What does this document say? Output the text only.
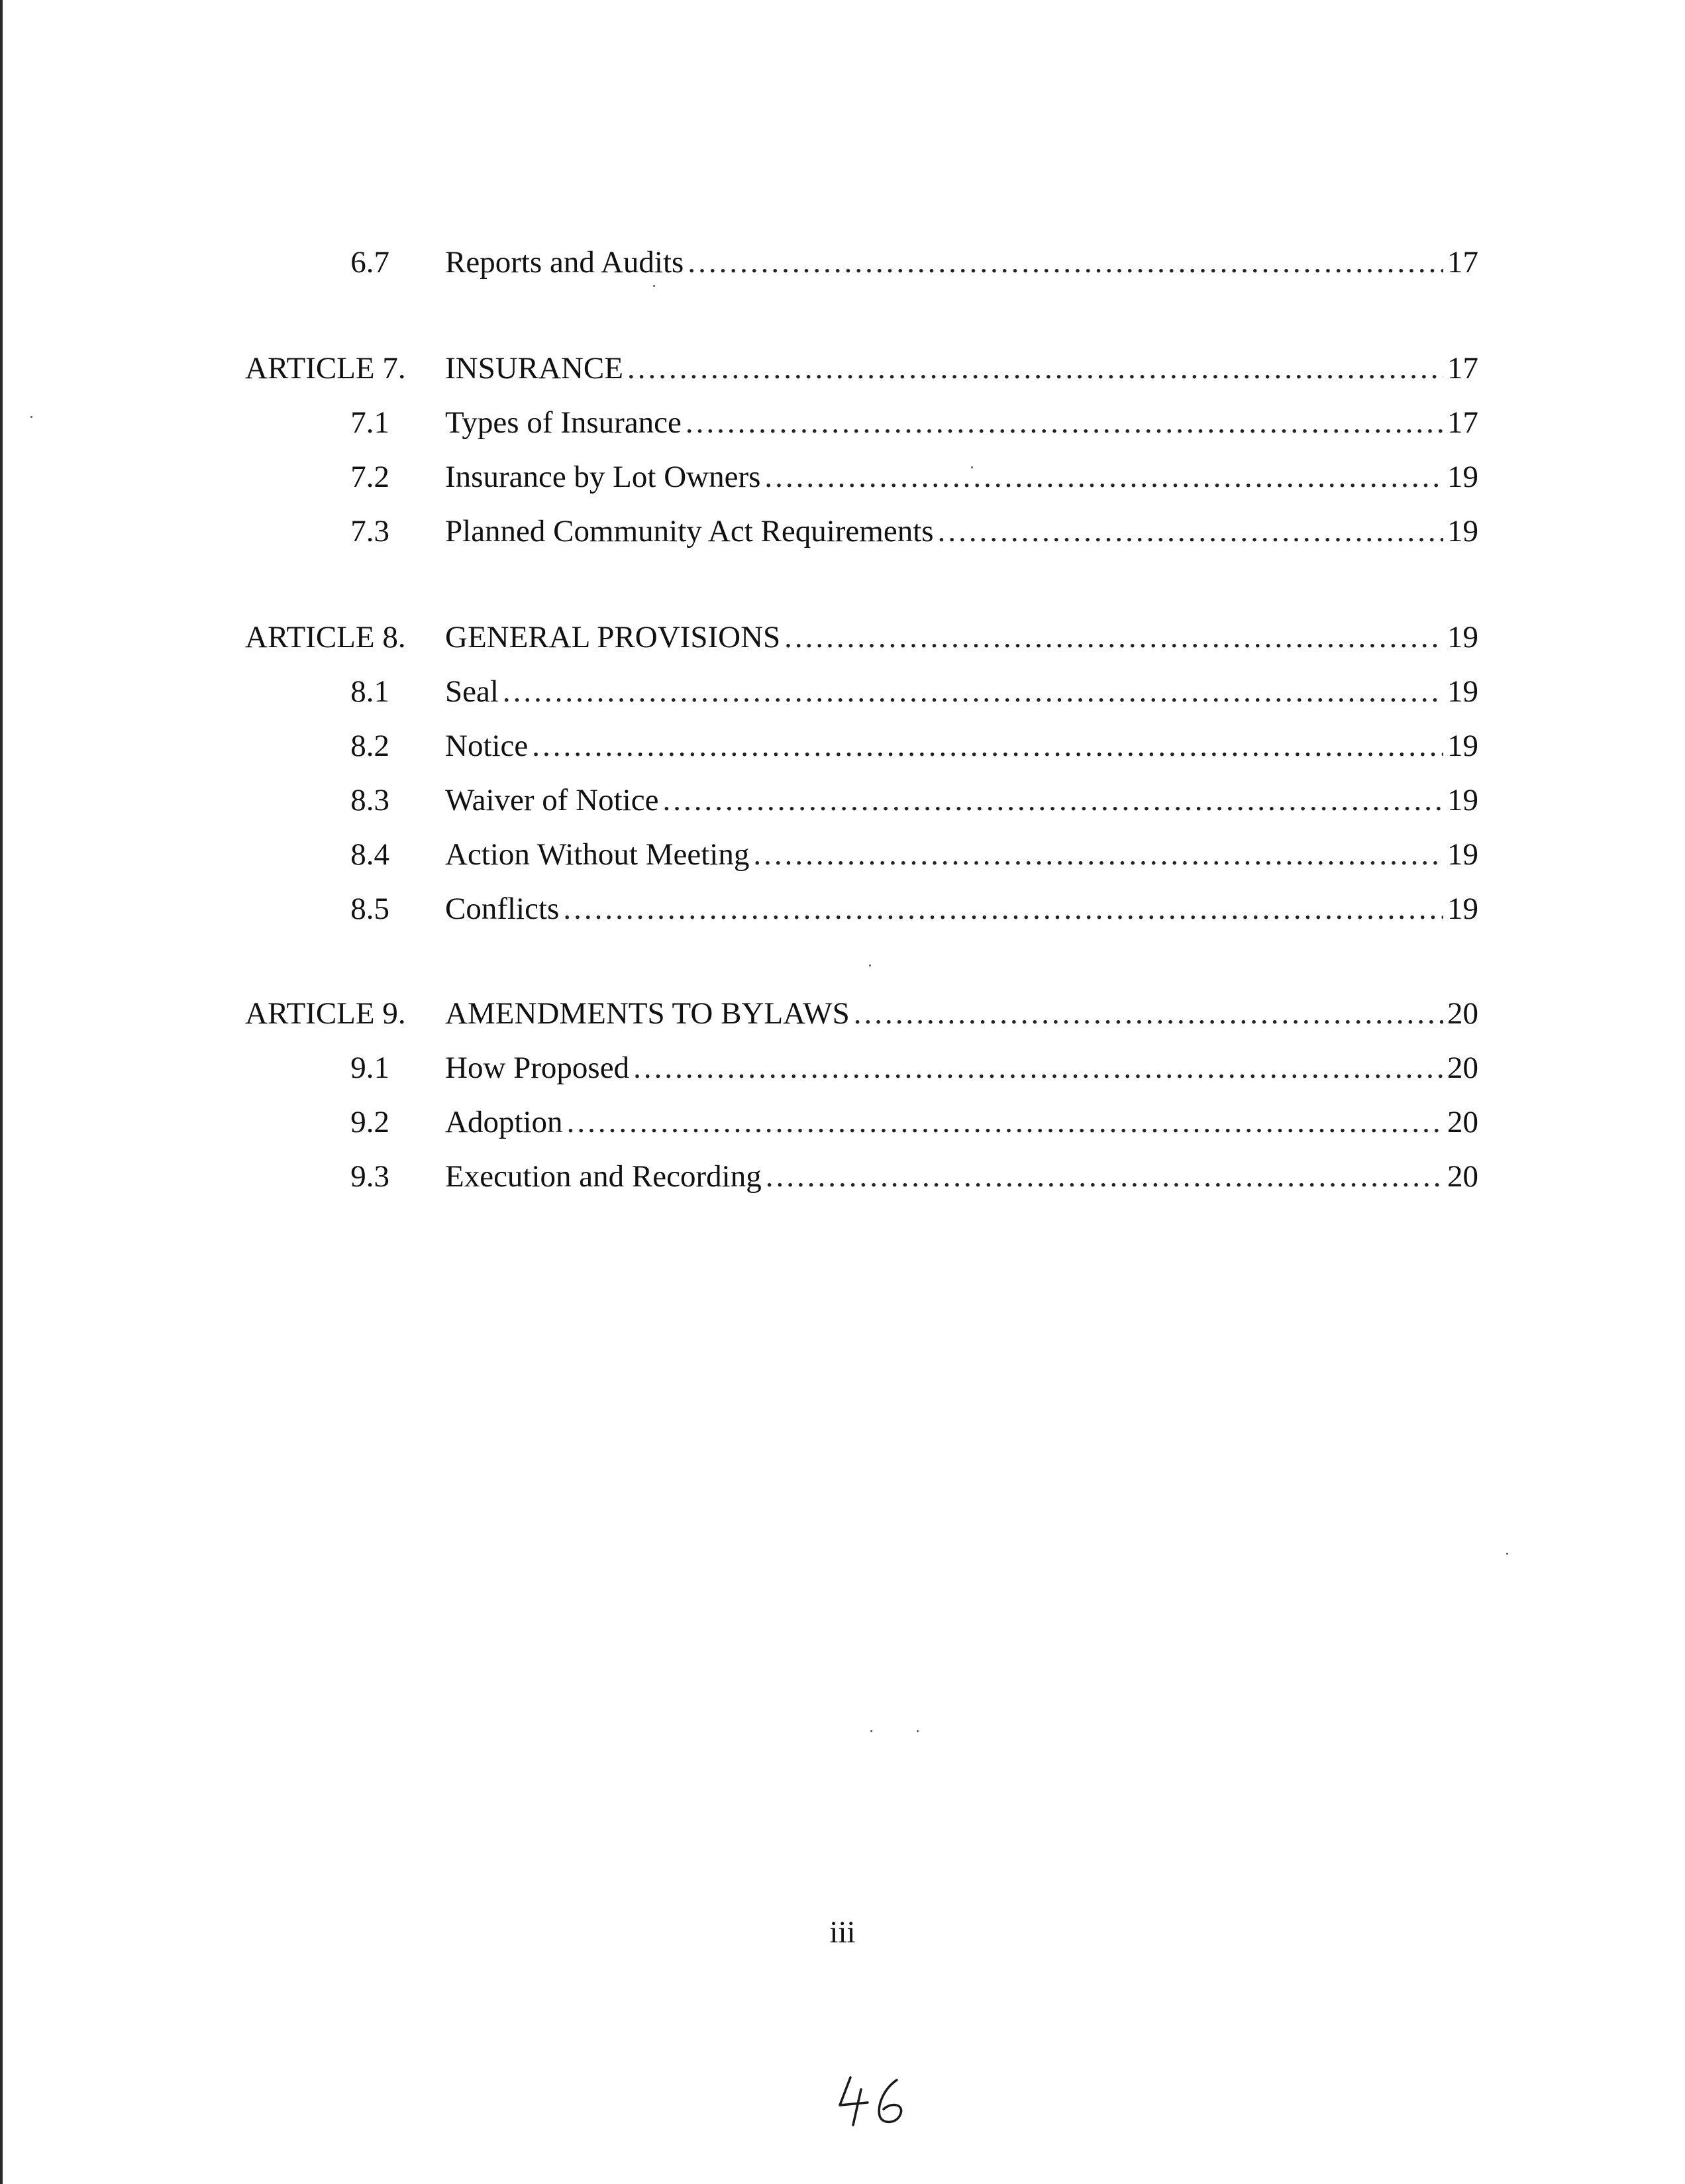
6.7 Reports and Audits .....	17
ARTICLE 7.	INSURANCE .....	17
7.1 Types of Insurance .....	17
7.2 Insurance by Lot Owners .....	19
7.3 Planned Community Act Requirements .....	19
ARTICLE 8.	GENERAL PROVISIONS .....	19
8.1 Seal .....	19
8.2 Notice .....	19
8.3 Waiver of Notice .....	19
8.4 Action Without Meeting .....	19
8.5 Conflicts .....	19
ARTICLE 9.	AMENDMENTS TO BYLAWS .....	20
9.1 How Proposed .....	20
9.2 Adoption .....	20
9.3 Execution and Recording .....	20
iii
